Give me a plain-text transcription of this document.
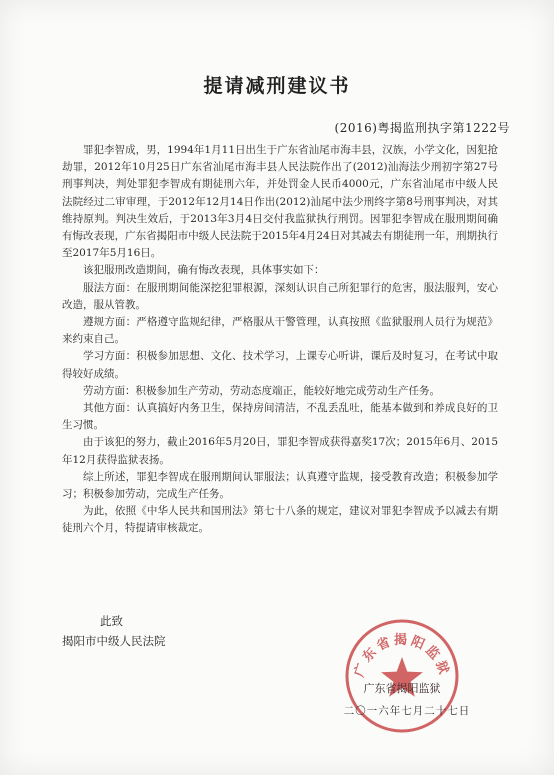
提请减刑建议书
(2016)粤揭监刑执字第1222号

罪犯李智成，男，1994年1月11日出生于广东省汕尾市海丰县，汉族，小学文化，因犯抢劫罪，2012年10月25日广东省汕尾市海丰县人民法院作出了(2012)汕海法少刑初字第27号刑事判决，判处罪犯李智成有期徒刑六年，并处罚金人民币4000元，广东省汕尾市中级人民法院经过二审审理，于2012年12月14日作出(2012)汕尾中法少刑终字第8号刑事判决，对其维持原判。判决生效后，于2013年3月4日交付我监狱执行刑罚。因罪犯李智成在服刑期间确有悔改表现，广东省揭阳市中级人民法院于2015年4月24日对其减去有期徒刑一年，刑期执行至2017年5月16日。

该犯服刑改造期间，确有悔改表现，具体事实如下：

服法方面：在服刑期间能深挖犯罪根源，深刻认识自己所犯罪行的危害，服法服判，安心改造，服从管教。

遵规方面：严格遵守监规纪律，严格服从干警管理，认真按照《监狱服刑人员行为规范》来约束自己。

学习方面：积极参加思想、文化、技术学习，上课专心听讲，课后及时复习，在考试中取得较好成绩。

劳动方面：积极参加生产劳动，劳动态度端正，能较好地完成劳动生产任务。

其他方面：认真搞好内务卫生，保持房间清洁，不乱丢乱吐，能基本做到和养成良好的卫生习惯。

由于该犯的努力，截止2016年5月20日，罪犯李智成获得嘉奖17次；2015年6月、2015年12月获得监狱表扬。

综上所述，罪犯李智成在服刑期间认罪服法；认真遵守监规，接受教育改造；积极参加学习；积极参加劳动，完成生产任务。

为此，依照《中华人民共和国刑法》第七十八条的规定，建议对罪犯李智成予以减去有期徒刑六个月，特提请审核裁定。

此致
揭阳市中级人民法院
广东省揭阳监狱
广东省揭阳监狱
二〇一六年七月二十七日
